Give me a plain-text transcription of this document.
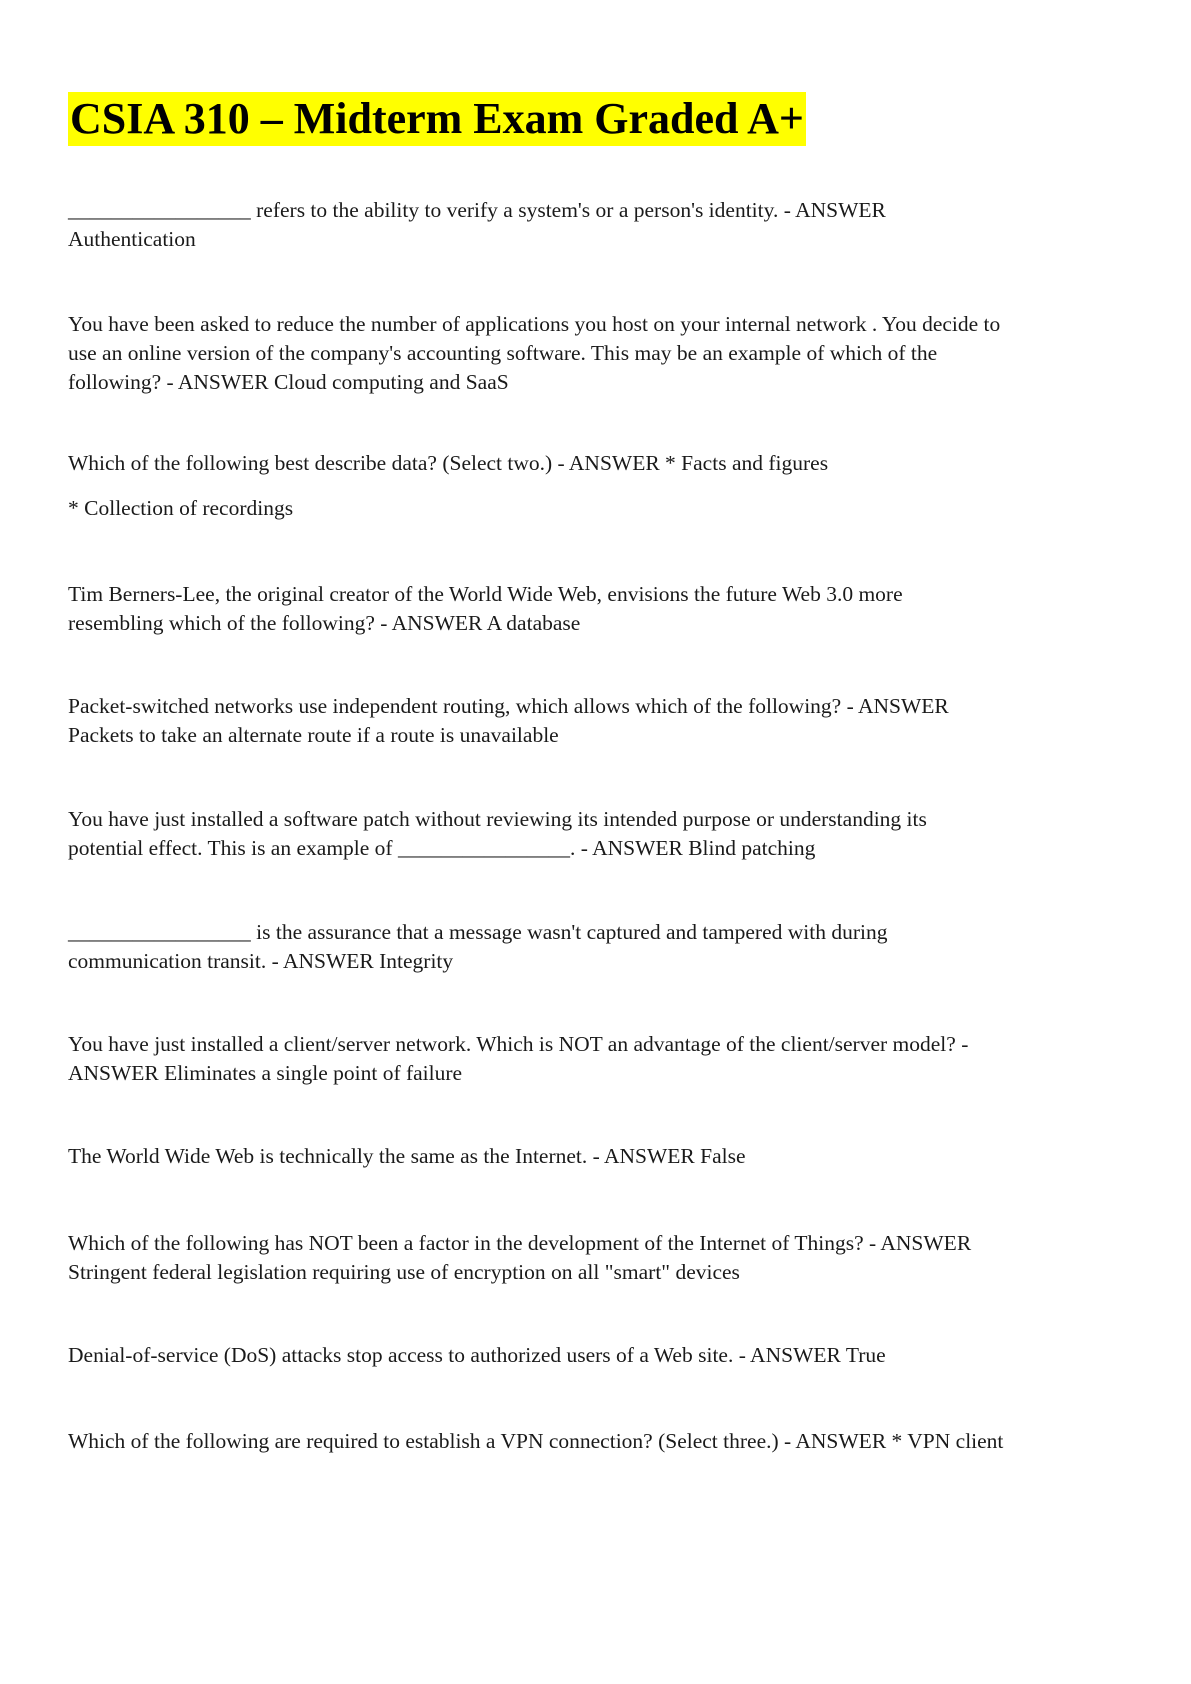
CSIA 310 – Midterm Exam Graded A+

_________________ refers to the ability to verify a system's or a person's identity. - ANSWER
Authentication

You have been asked to reduce the number of applications you host on your internal network . You decide to
use an online version of the company's accounting software. This may be an example of which of the
following? - ANSWER Cloud computing and SaaS

Which of the following best describe data? (Select two.) - ANSWER * Facts and figures

* Collection of recordings

Tim Berners-Lee, the original creator of the World Wide Web, envisions the future Web 3.0 more
resembling which of the following? - ANSWER A database

Packet-switched networks use independent routing, which allows which of the following? - ANSWER
Packets to take an alternate route if a route is unavailable

You have just installed a software patch without reviewing its intended purpose or understanding its
potential effect. This is an example of ________________. - ANSWER Blind patching

_________________ is the assurance that a message wasn't captured and tampered with during
communication transit. - ANSWER Integrity

You have just installed a client/server network. Which is NOT an advantage of the client/server model? -
ANSWER Eliminates a single point of failure

The World Wide Web is technically the same as the Internet. - ANSWER False

Which of the following has NOT been a factor in the development of the Internet of Things? - ANSWER
Stringent federal legislation requiring use of encryption on all "smart" devices

Denial-of-service (DoS) attacks stop access to authorized users of a Web site. - ANSWER True

Which of the following are required to establish a VPN connection? (Select three.) - ANSWER * VPN client
